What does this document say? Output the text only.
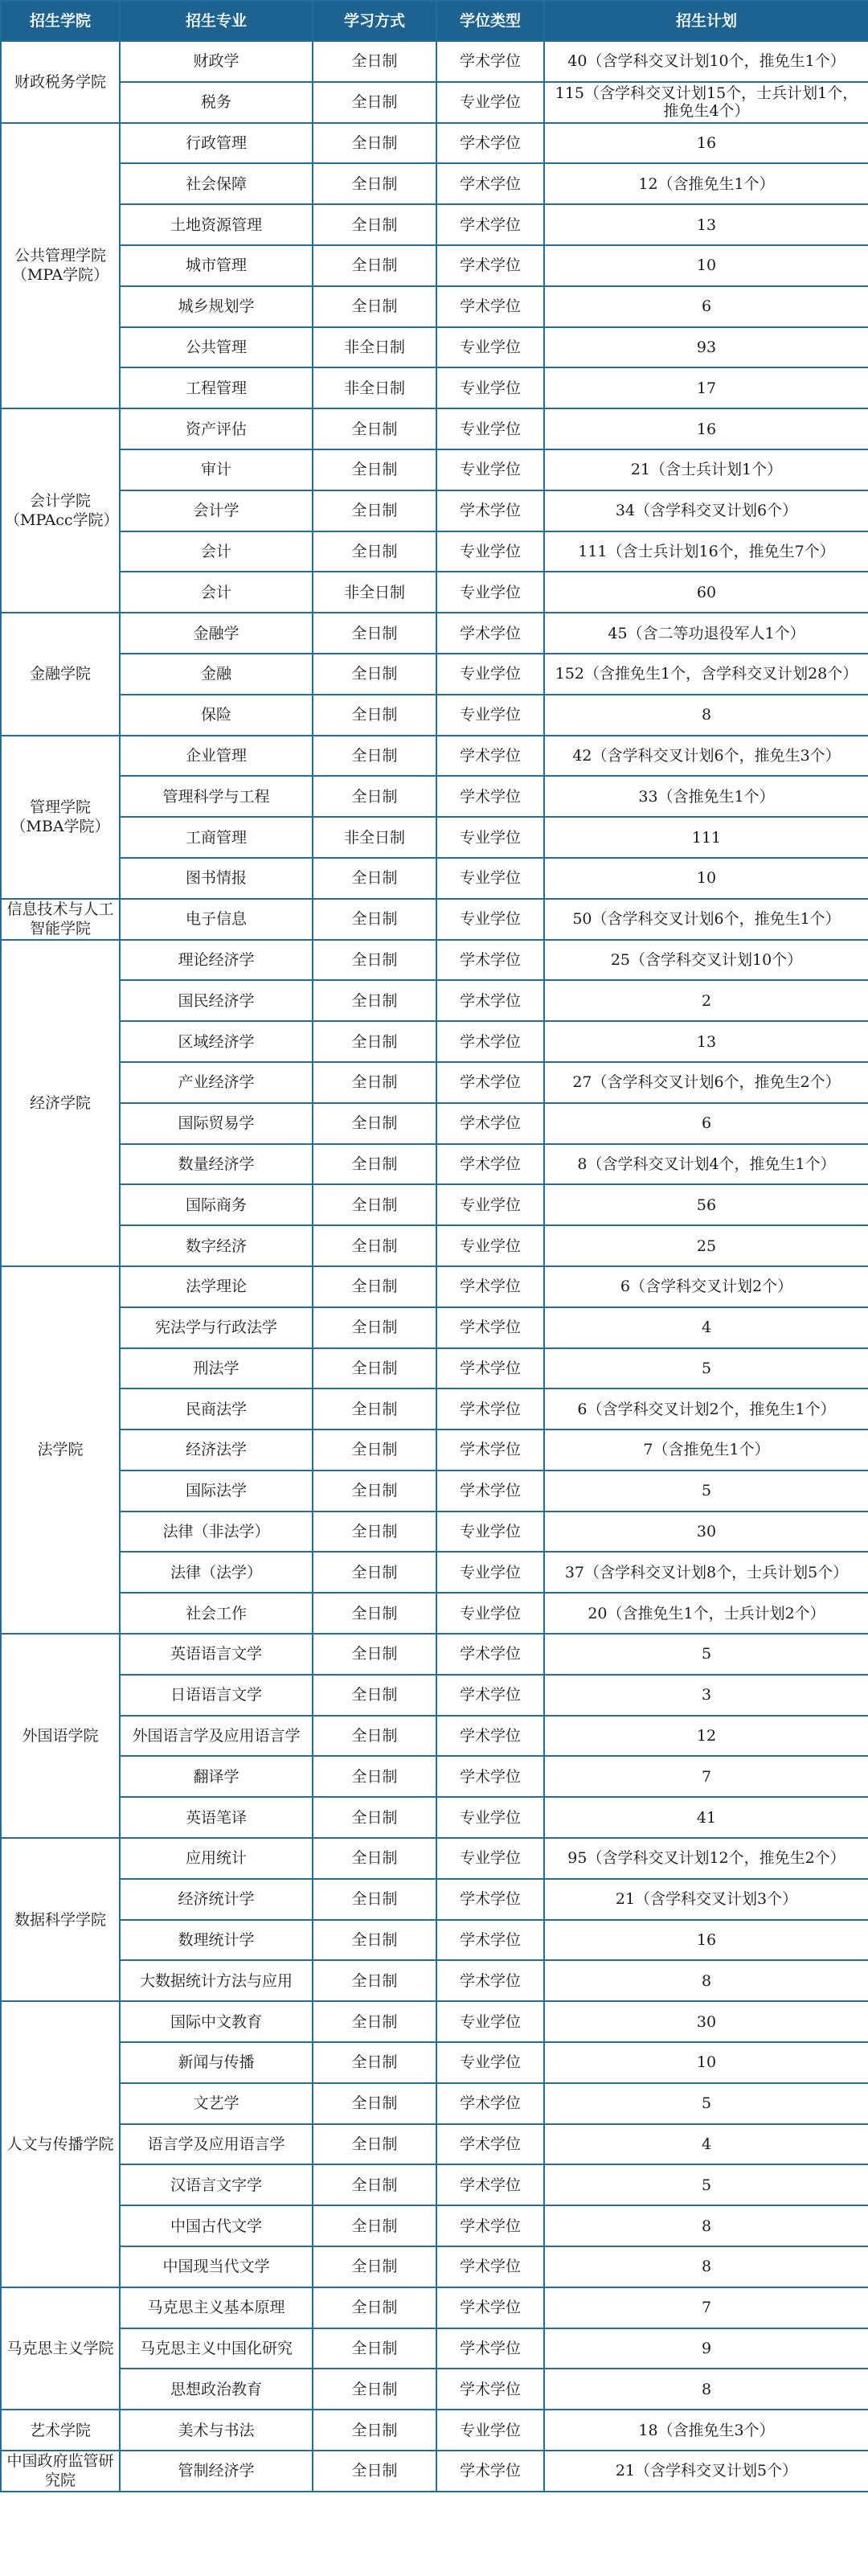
招生学院	招生专业	学习方式	学位类型	招生计划
财政税务学院	财政学	全日制	学术学位	40（含学科交叉计划10个，推免生1个）
	税务	全日制	专业学位	115（含学科交叉计划15个，士兵计划1个，推免生4个）
公共管理学院（MPA学院）	行政管理	全日制	学术学位	16
	社会保障	全日制	学术学位	12（含推免生1个）
	土地资源管理	全日制	学术学位	13
	城市管理	全日制	学术学位	10
	城乡规划学	全日制	学术学位	6
	公共管理	非全日制	专业学位	93
	工程管理	非全日制	专业学位	17
会计学院（MPAcc学院）	资产评估	全日制	专业学位	16
	审计	全日制	专业学位	21（含士兵计划1个）
	会计学	全日制	学术学位	34（含学科交叉计划6个）
	会计	全日制	专业学位	111（含士兵计划16个，推免生7个）
	会计	非全日制	专业学位	60
金融学院	金融学	全日制	学术学位	45（含二等功退役军人1个）
	金融	全日制	专业学位	152（含推免生1个，含学科交叉计划28个）
	保险	全日制	专业学位	8
管理学院（MBA学院）	企业管理	全日制	学术学位	42（含学科交叉计划6个，推免生3个）
	管理科学与工程	全日制	学术学位	33（含推免生1个）
	工商管理	非全日制	专业学位	111
	图书情报	全日制	专业学位	10
信息技术与人工智能学院	电子信息	全日制	专业学位	50（含学科交叉计划6个，推免生1个）
经济学院	理论经济学	全日制	学术学位	25（含学科交叉计划10个）
	国民经济学	全日制	学术学位	2
	区域经济学	全日制	学术学位	13
	产业经济学	全日制	学术学位	27（含学科交叉计划6个，推免生2个）
	国际贸易学	全日制	学术学位	6
	数量经济学	全日制	学术学位	8（含学科交叉计划4个，推免生1个）
	国际商务	全日制	专业学位	56
	数字经济	全日制	专业学位	25
法学院	法学理论	全日制	学术学位	6（含学科交叉计划2个）
	宪法学与行政法学	全日制	学术学位	4
	刑法学	全日制	学术学位	5
	民商法学	全日制	学术学位	6（含学科交叉计划2个，推免生1个）
	经济法学	全日制	学术学位	7（含推免生1个）
	国际法学	全日制	学术学位	5
	法律（非法学）	全日制	专业学位	30
	法律（法学）	全日制	专业学位	37（含学科交叉计划8个，士兵计划5个）
	社会工作	全日制	专业学位	20（含推免生1个，士兵计划2个）
外国语学院	英语语言文学	全日制	学术学位	5
	日语语言文学	全日制	学术学位	3
	外国语言学及应用语言学	全日制	学术学位	12
	翻译学	全日制	学术学位	7
	英语笔译	全日制	专业学位	41
数据科学学院	应用统计	全日制	专业学位	95（含学科交叉计划12个，推免生2个）
	经济统计学	全日制	学术学位	21（含学科交叉计划3个）
	数理统计学	全日制	学术学位	16
	大数据统计方法与应用	全日制	学术学位	8
人文与传播学院	国际中文教育	全日制	专业学位	30
	新闻与传播	全日制	专业学位	10
	文艺学	全日制	学术学位	5
	语言学及应用语言学	全日制	学术学位	4
	汉语言文字学	全日制	学术学位	5
	中国古代文学	全日制	学术学位	8
	中国现当代文学	全日制	学术学位	8
马克思主义学院	马克思主义基本原理	全日制	学术学位	7
	马克思主义中国化研究	全日制	学术学位	9
	思想政治教育	全日制	学术学位	8
艺术学院	美术与书法	全日制	专业学位	18（含推免生3个）
中国政府监管研究院	管制经济学	全日制	学术学位	21（含学科交叉计划5个）
